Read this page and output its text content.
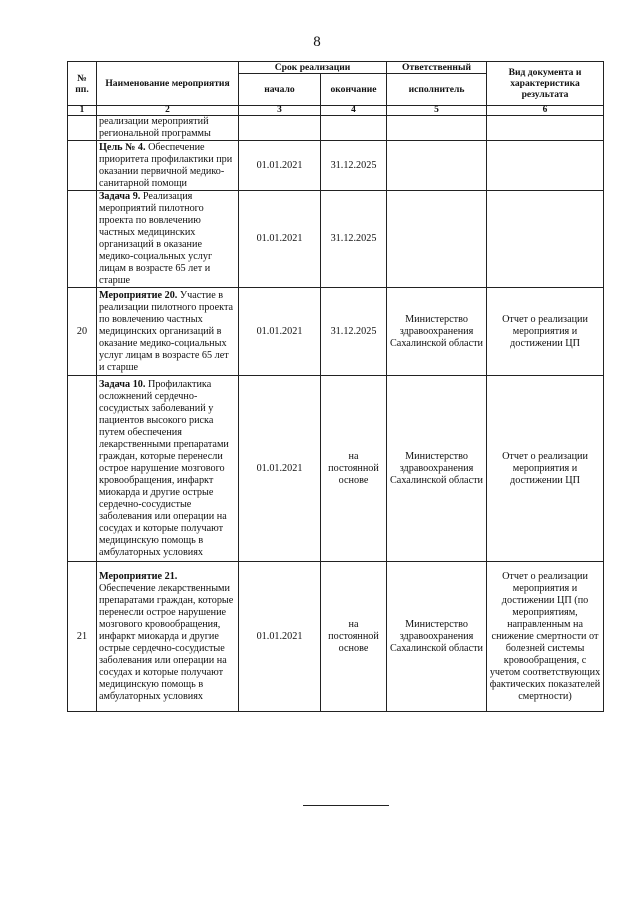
8
№ пп.	Наименование мероприятия	Срок реализации		Ответственный	Вид документа и характеристика результата
		начало	окончание	исполнитель	
1	2	3	4	5	6
	реализации мероприятий региональной программы				
	Цель № 4. Обеспечение приоритета профилактики при оказании первичной медико-санитарной помощи	01.01.2021	31.12.2025		
	Задача 9. Реализация мероприятий пилотного проекта по вовлечению частных медицинских организаций в оказание медико-социальных услуг лицам в возрасте 65 лет и старше	01.01.2021	31.12.2025		
20	Мероприятие 20. Участие в реализации пилотного проекта по вовлечению частных медицинских организаций в оказание медико-социальных услуг лицам в возрасте 65 лет и старше	01.01.2021	31.12.2025	Министерство здравоохранения Сахалинской области	Отчет о реализации мероприятия и достижении ЦП
	Задача 10. Профилактика осложнений сердечно-сосудистых заболеваний у пациентов высокого риска путем обеспечения лекарственными препаратами граждан, которые перенесли острое нарушение мозгового кровообращения, инфаркт миокарда и другие острые сердечно-сосудистые заболевания или операции на сосудах и которые получают медицинскую помощь в амбулаторных условиях	01.01.2021	на постоянной основе	Министерство здравоохранения Сахалинской области	Отчет о реализации мероприятия и достижении ЦП
21	Мероприятие 21. Обеспечение лекарственными препаратами граждан, которые перенесли острое нарушение мозгового кровообращения, инфаркт миокарда и другие острые сердечно-сосудистые заболевания или операции на сосудах и которые получают медицинскую помощь в амбулаторных условиях	01.01.2021	на постоянной основе	Министерство здравоохранения Сахалинской области	Отчет о реализации мероприятия и достижении ЦП (по мероприятиям, направленным на снижение смертности от болезней системы кровообращения, с учетом соответствующих фактических показателей смертности)
